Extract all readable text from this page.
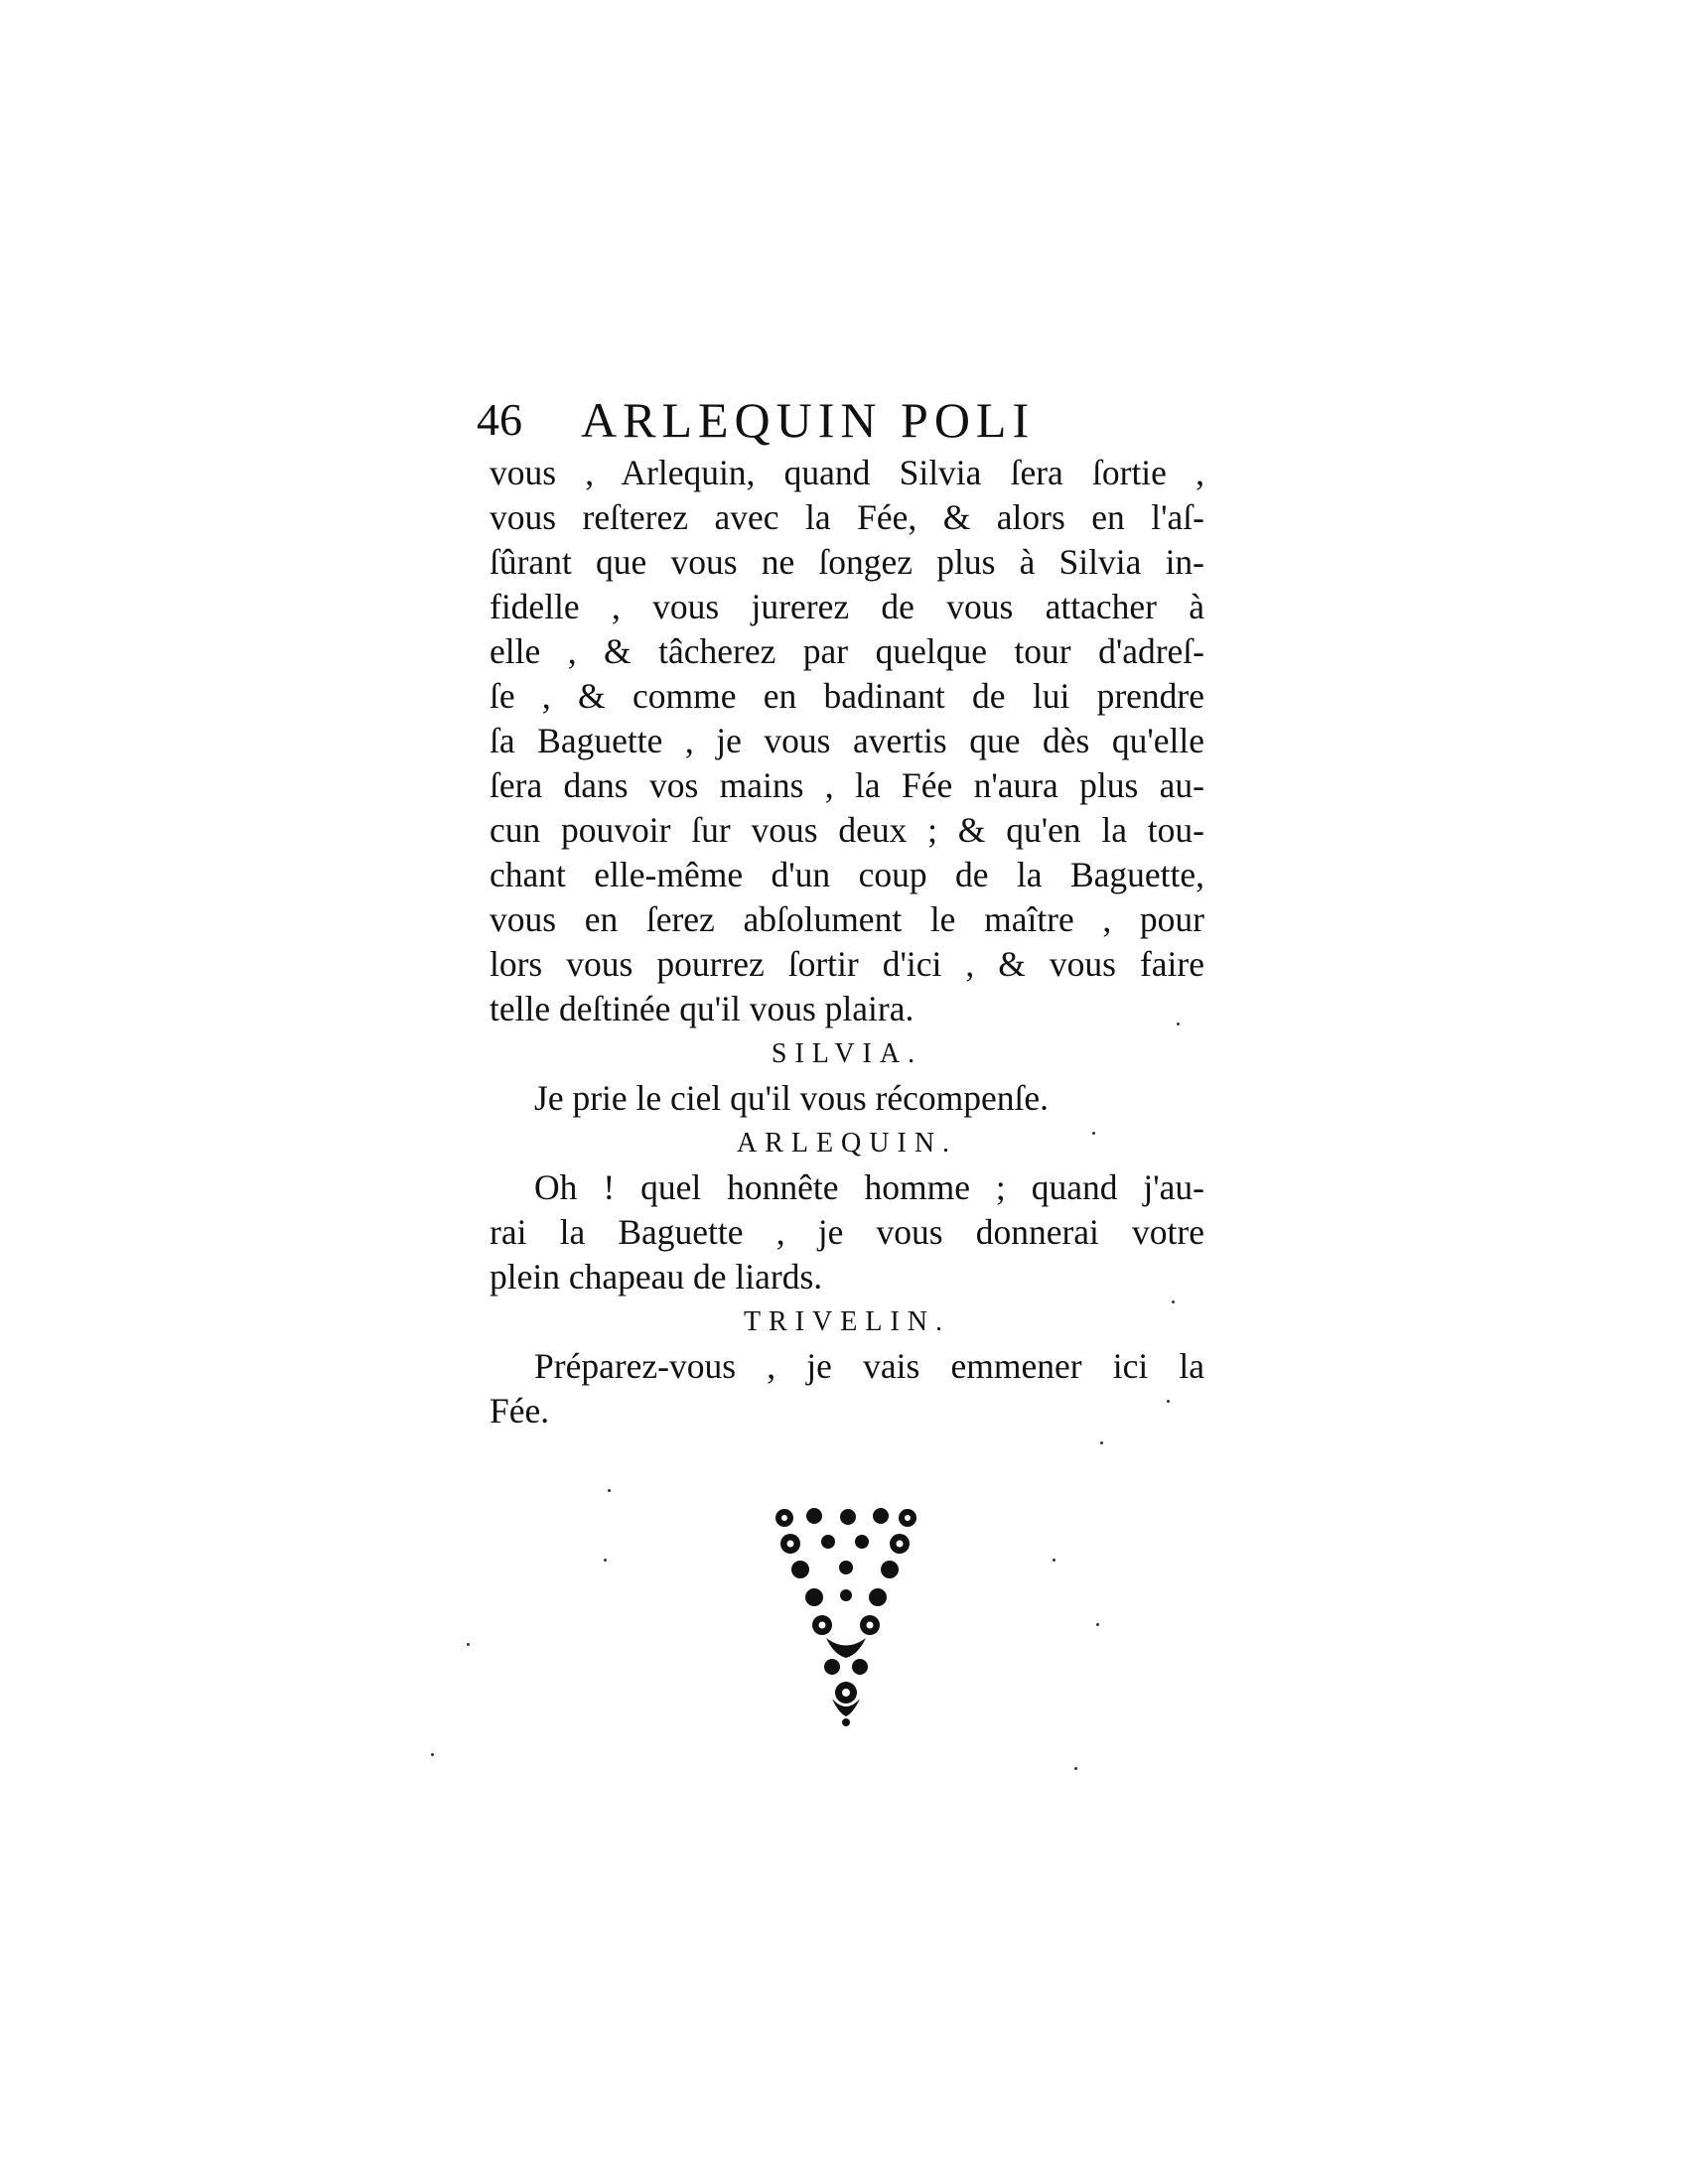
46 ARLEQUIN POLI
vous , Arlequin, quand Silvia ſera ſortie ,
vous reſterez avec la Fée, & alors en l'aſ-
ſûrant que vous ne ſongez plus à Silvia in-
fidelle , vous jurerez de vous attacher à
elle , & tâcherez par quelque tour d'adreſ-
ſe , & comme en badinant de lui prendre
ſa Baguette , je vous avertis que dès qu'elle
ſera dans vos mains , la Fée n'aura plus au-
cun pouvoir ſur vous deux ; & qu'en la tou-
chant elle-même d'un coup de la Baguette,
vous en ſerez abſolument le maître , pour
lors vous pourrez ſortir d'ici , & vous faire
telle deſtinée qu'il vous plaira.
SILVIA.
Je prie le ciel qu'il vous récompenſe.
ARLEQUIN.
Oh ! quel honnête homme ; quand j'au-
rai la Baguette , je vous donnerai votre
plein chapeau de liards.
TRIVELIN.
Préparez-vous , je vais emmener ici la
Fée.
